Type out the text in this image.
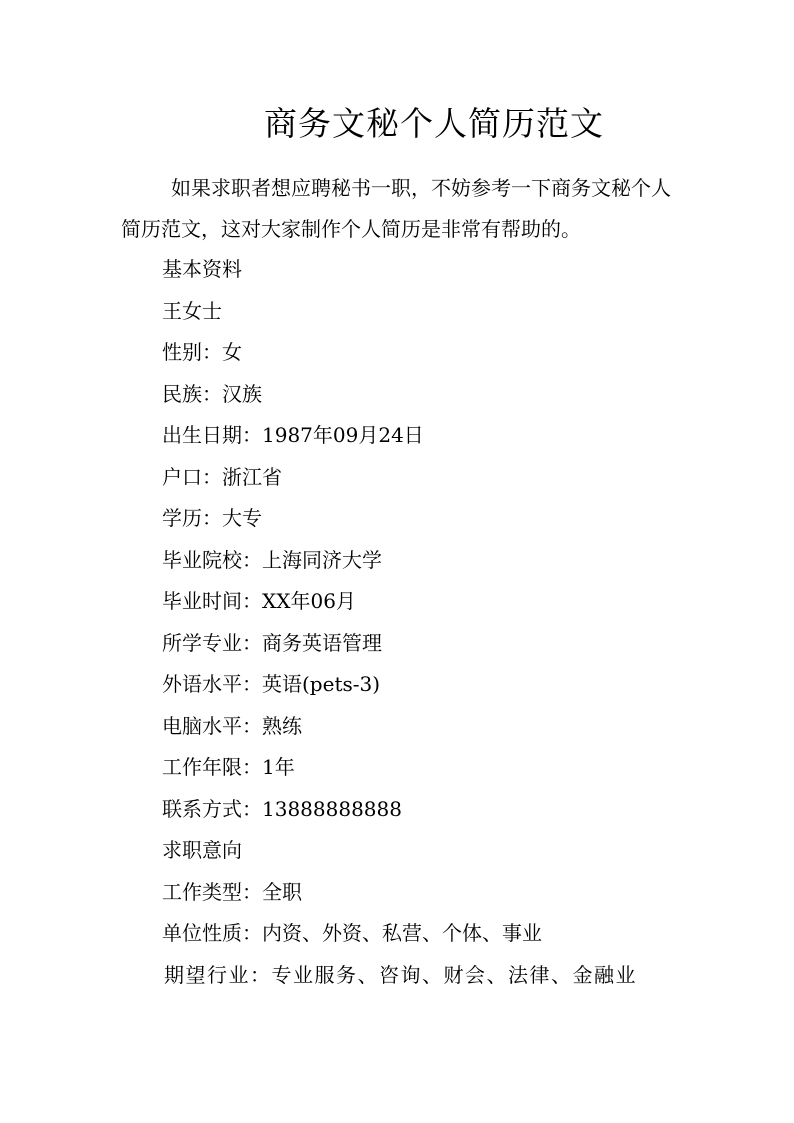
商务文秘个人简历范文

如果求职者想应聘秘书一职，不妨参考一下商务文秘个人简历范文，这对大家制作个人简历是非常有帮助的。

基本资料
王女士
性别：女
民族：汉族
出生日期：1987年09月24日
户口：浙江省
学历：大专
毕业院校：上海同济大学
毕业时间：XX年06月
所学专业：商务英语管理
外语水平：英语(pets-3)
电脑水平：熟练
工作年限：1年
联系方式：13888888888
求职意向
工作类型：全职
单位性质：内资、外资、私营、个体、事业
期望行业：专业服务、咨询、财会、法律、金融业
